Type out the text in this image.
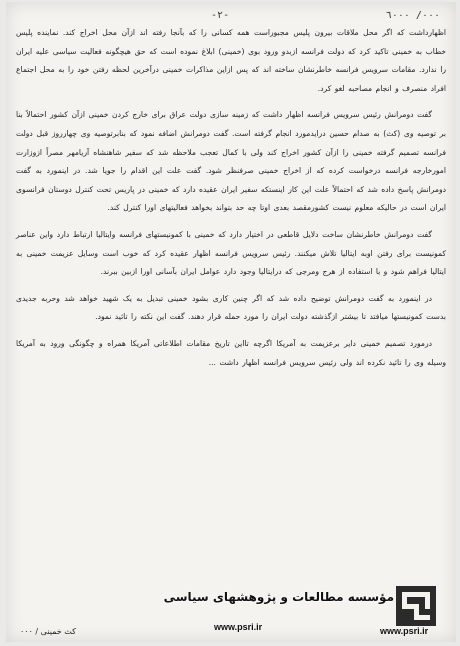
-٢-	٠٠٠/ ٦٠٠٠

اظهارداشت که اگر محل ملاقات بیرون پلیس مجبوراست همه کسانی را که بآنجا رفته اند ازآن محل اخراج کند. نماینده پلیس خطاب به خمینی تاکید کرد که دولت فرانسه ازبدو ورود بوی (خمینی) ابلاغ نموده است که حق هیچگونه فعالیت سیاسی علیه ایران را ندارد. مقامات سرویس فرانسه خاطرنشان ساخته اند که پس ازاین مذاکرات خمینی درآخرین لحظه رفتن خود را به محل اجتماع افراد منصرف و انجام مصاحبه لغو کرد.

گفت دومرانش رئیس سرویس فرانسه اظهار داشت که زمینه سازی دولت عراق برای خارج کردن خمینی ازآن کشور احتمالاً بنا بر توصیه وی (کث) به صدام حسین درایدمورد انجام گرفته است. گفت دومرانش اضافه نمود که بنابرتوصیه وی چهارروز قبل دولت فرانسه تصمیم گرفته خمینی را ازآن کشور اخراج کند ولی با کمال تعجب ملاحظه شد که سفیر شاهنشاه آریامهر مصراً ازوزارت امورخارجه فرانسه درخواست کرده که از اخراج خمینی صرفنظر شود. گفت علت این اقدام را جویا شد. در اینمورد به گفت دومرانش پاسخ داده شد که احتمالاً علت این کار اینستکه سفیر ایران عقیده دارد که خمینی در پاریس تحت کنترل دوستان فرانسوی ایران است در حالیکه معلوم نیست کشورمقصد بعدی اوتا چه حد بتواند بخواهد فعالیتهای اورا کنترل کند.

گفت دومرانش خاطرنشان ساخت دلایل قاطعی در اختیار دارد که خمینی با کمونیستهای فرانسه وایتالیا ارتباط دارد واین عناصر کمونیست برای رفتن اوبه ایتالیا تلاش میکنند. رئیس سرویس فرانسه اظهار عقیده کرد که خوب است وسایل عزیمت خمینی به ایتالیا فراهم شود و با استفاده از هرج ومرجی که درایتالیا وجود دارد عوامل ایران بآسانی اورا ازبین ببرند.

در اینمورد به گفت دومرانش توضیح داده شد که اگر چنین کاری بشود خمینی تبدیل به یک شهید خواهد شد وحربه جدیدی بدست کمونیستها میافتد تا بیشتر ازگذشته دولت ایران را مورد حمله قرار دهند. گفت این نکته را تائید نمود.

درمورد تصمیم خمینی دایر برعزیمت به آمریکا اگرچه تااین تاریخ مقامات اطلاعاتی آمریکا همراه و چگونگی ورود به آمریکا وسیله وی را تائید نکرده اند ولی رئیس سرویس فرانسه اظهار داشت ...

کث خمینی / ٠٠٠
مؤسسه مطالعات و پژوهشهای سیاسی
www.psri.ir	www.psri.ir
